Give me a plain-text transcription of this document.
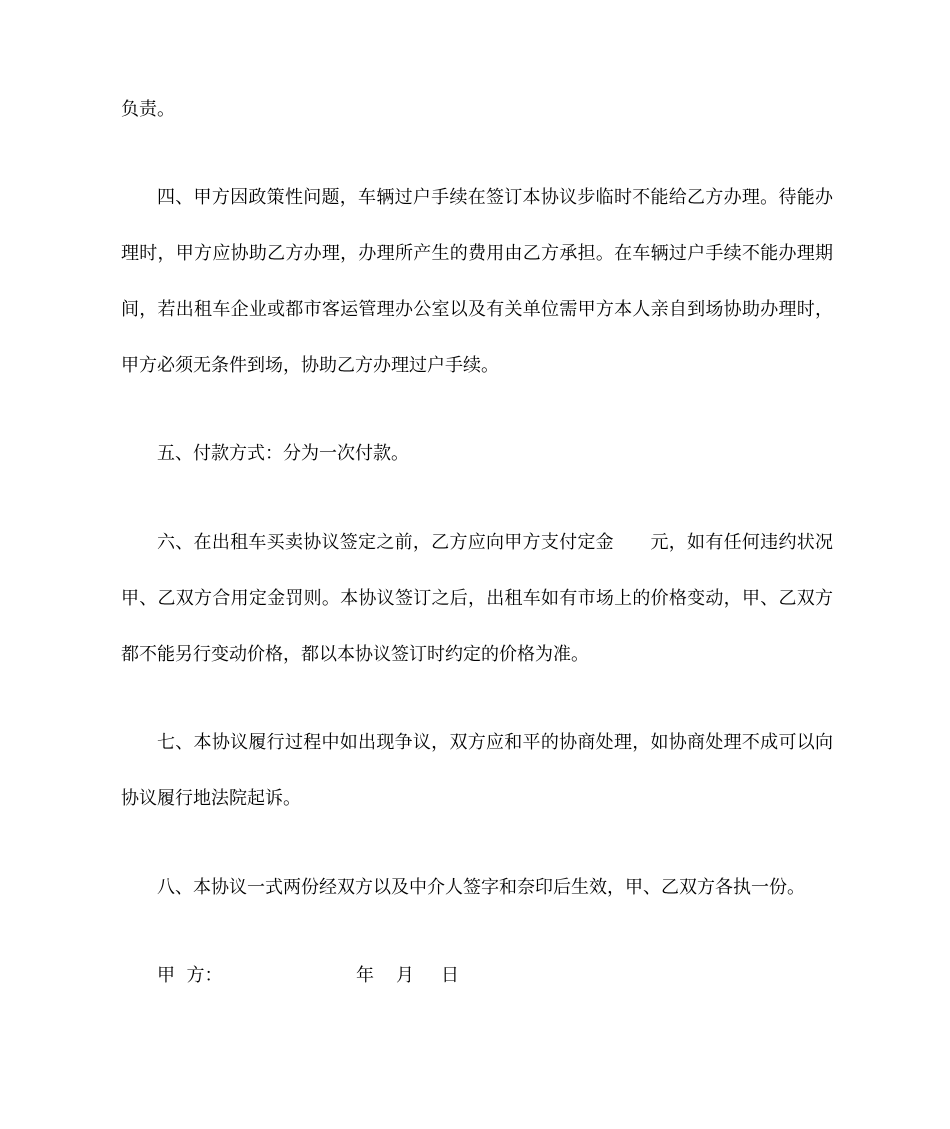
负责。
四、甲方因政策性问题，车辆过户手续在签订本协议步临时不能给乙方办理。待能办
理时，甲方应协助乙方办理，办理所产生的费用由乙方承担。在车辆过户手续不能办理期
间，若出租车企业或都市客运管理办公室以及有关单位需甲方本人亲自到场协助办理时，
甲方必须无条件到场，协助乙方办理过户手续。
五、付款方式：分为一次付款。
六、在出租车买卖协议签定之前，乙方应向甲方支付定金　　元，如有任何违约状况
甲、乙双方合用定金罚则。本协议签订之后，出租车如有市场上的价格变动，甲、乙双方
都不能另行变动价格，都以本协议签订时约定的价格为准。
七、本协议履行过程中如出现争议，双方应和平的协商处理，如协商处理不成可以向
协议履行地法院起诉。
八、本协议一式两份经双方以及中介人签字和奈印后生效，甲、乙双方各执一份。
甲  方：	年 月 日
